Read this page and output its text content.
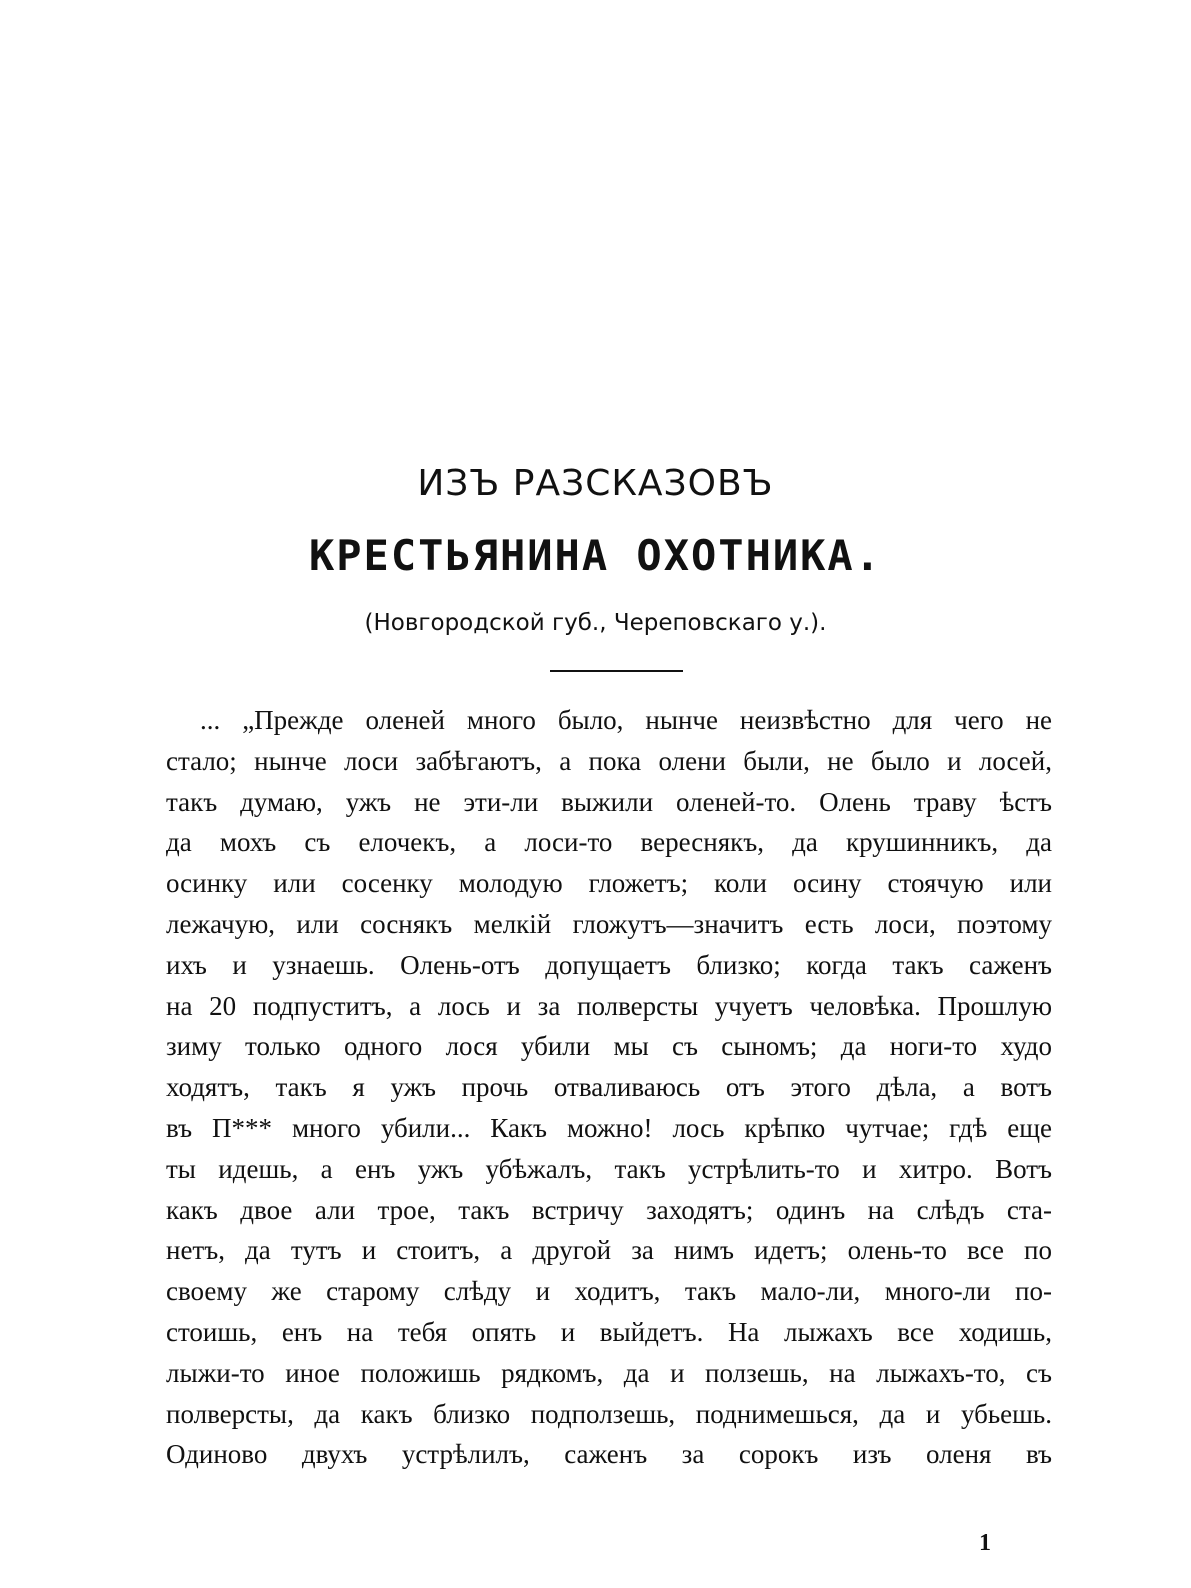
ИЗЪ РАЗСКАЗОВЪ
КРЕСТЬЯНИНА ОХОТНИКА.
(Новгородской губ., Череповскаго у.).
... „Прежде оленей много было, нынче неизвѣстно для чего не
стало; нынче лоси забѣгаютъ, а пока олени были, не было и лосей,
такъ думаю, ужъ не эти-ли выжили оленей-то. Олень траву ѣстъ
да мохъ съ елочекъ, а лоси-то вереснякъ, да крушинникъ, да
осинку или сосенку молодую гложетъ; коли осину стоячую или
лежачую, или соснякъ мелкій гложутъ—значитъ есть лоси, поэтому
ихъ и узнаешь. Олень-отъ допущаетъ близко; когда такъ саженъ
на 20 подпуститъ, а лось и за полверсты учуетъ человѣка. Прошлую
зиму только одного лося убили мы съ сыномъ; да ноги-то худо
ходятъ, такъ я ужъ прочь отваливаюсь отъ этого дѣла, а вотъ
въ П*** много убили... Какъ можно! лось крѣпко чутчае; гдѣ еще
ты идешь, а енъ ужъ убѣжалъ, такъ устрѣлить-то и хитро. Вотъ
какъ двое али трое, такъ встричу заходятъ; одинъ на слѣдъ ста-
нетъ, да тутъ и стоитъ, а другой за нимъ идетъ; олень-то все по
своему же старому слѣду и ходитъ, такъ мало-ли, много-ли по-
стоишь, енъ на тебя опять и выйдетъ. На лыжахъ все ходишь,
лыжи-то иное положишь рядкомъ, да и ползешь, на лыжахъ-то, съ
полверсты, да какъ близко подползешь, поднимешься, да и убьешь.
Одиново двухъ устрѣлилъ, саженъ за сорокъ изъ оленя въ
1
